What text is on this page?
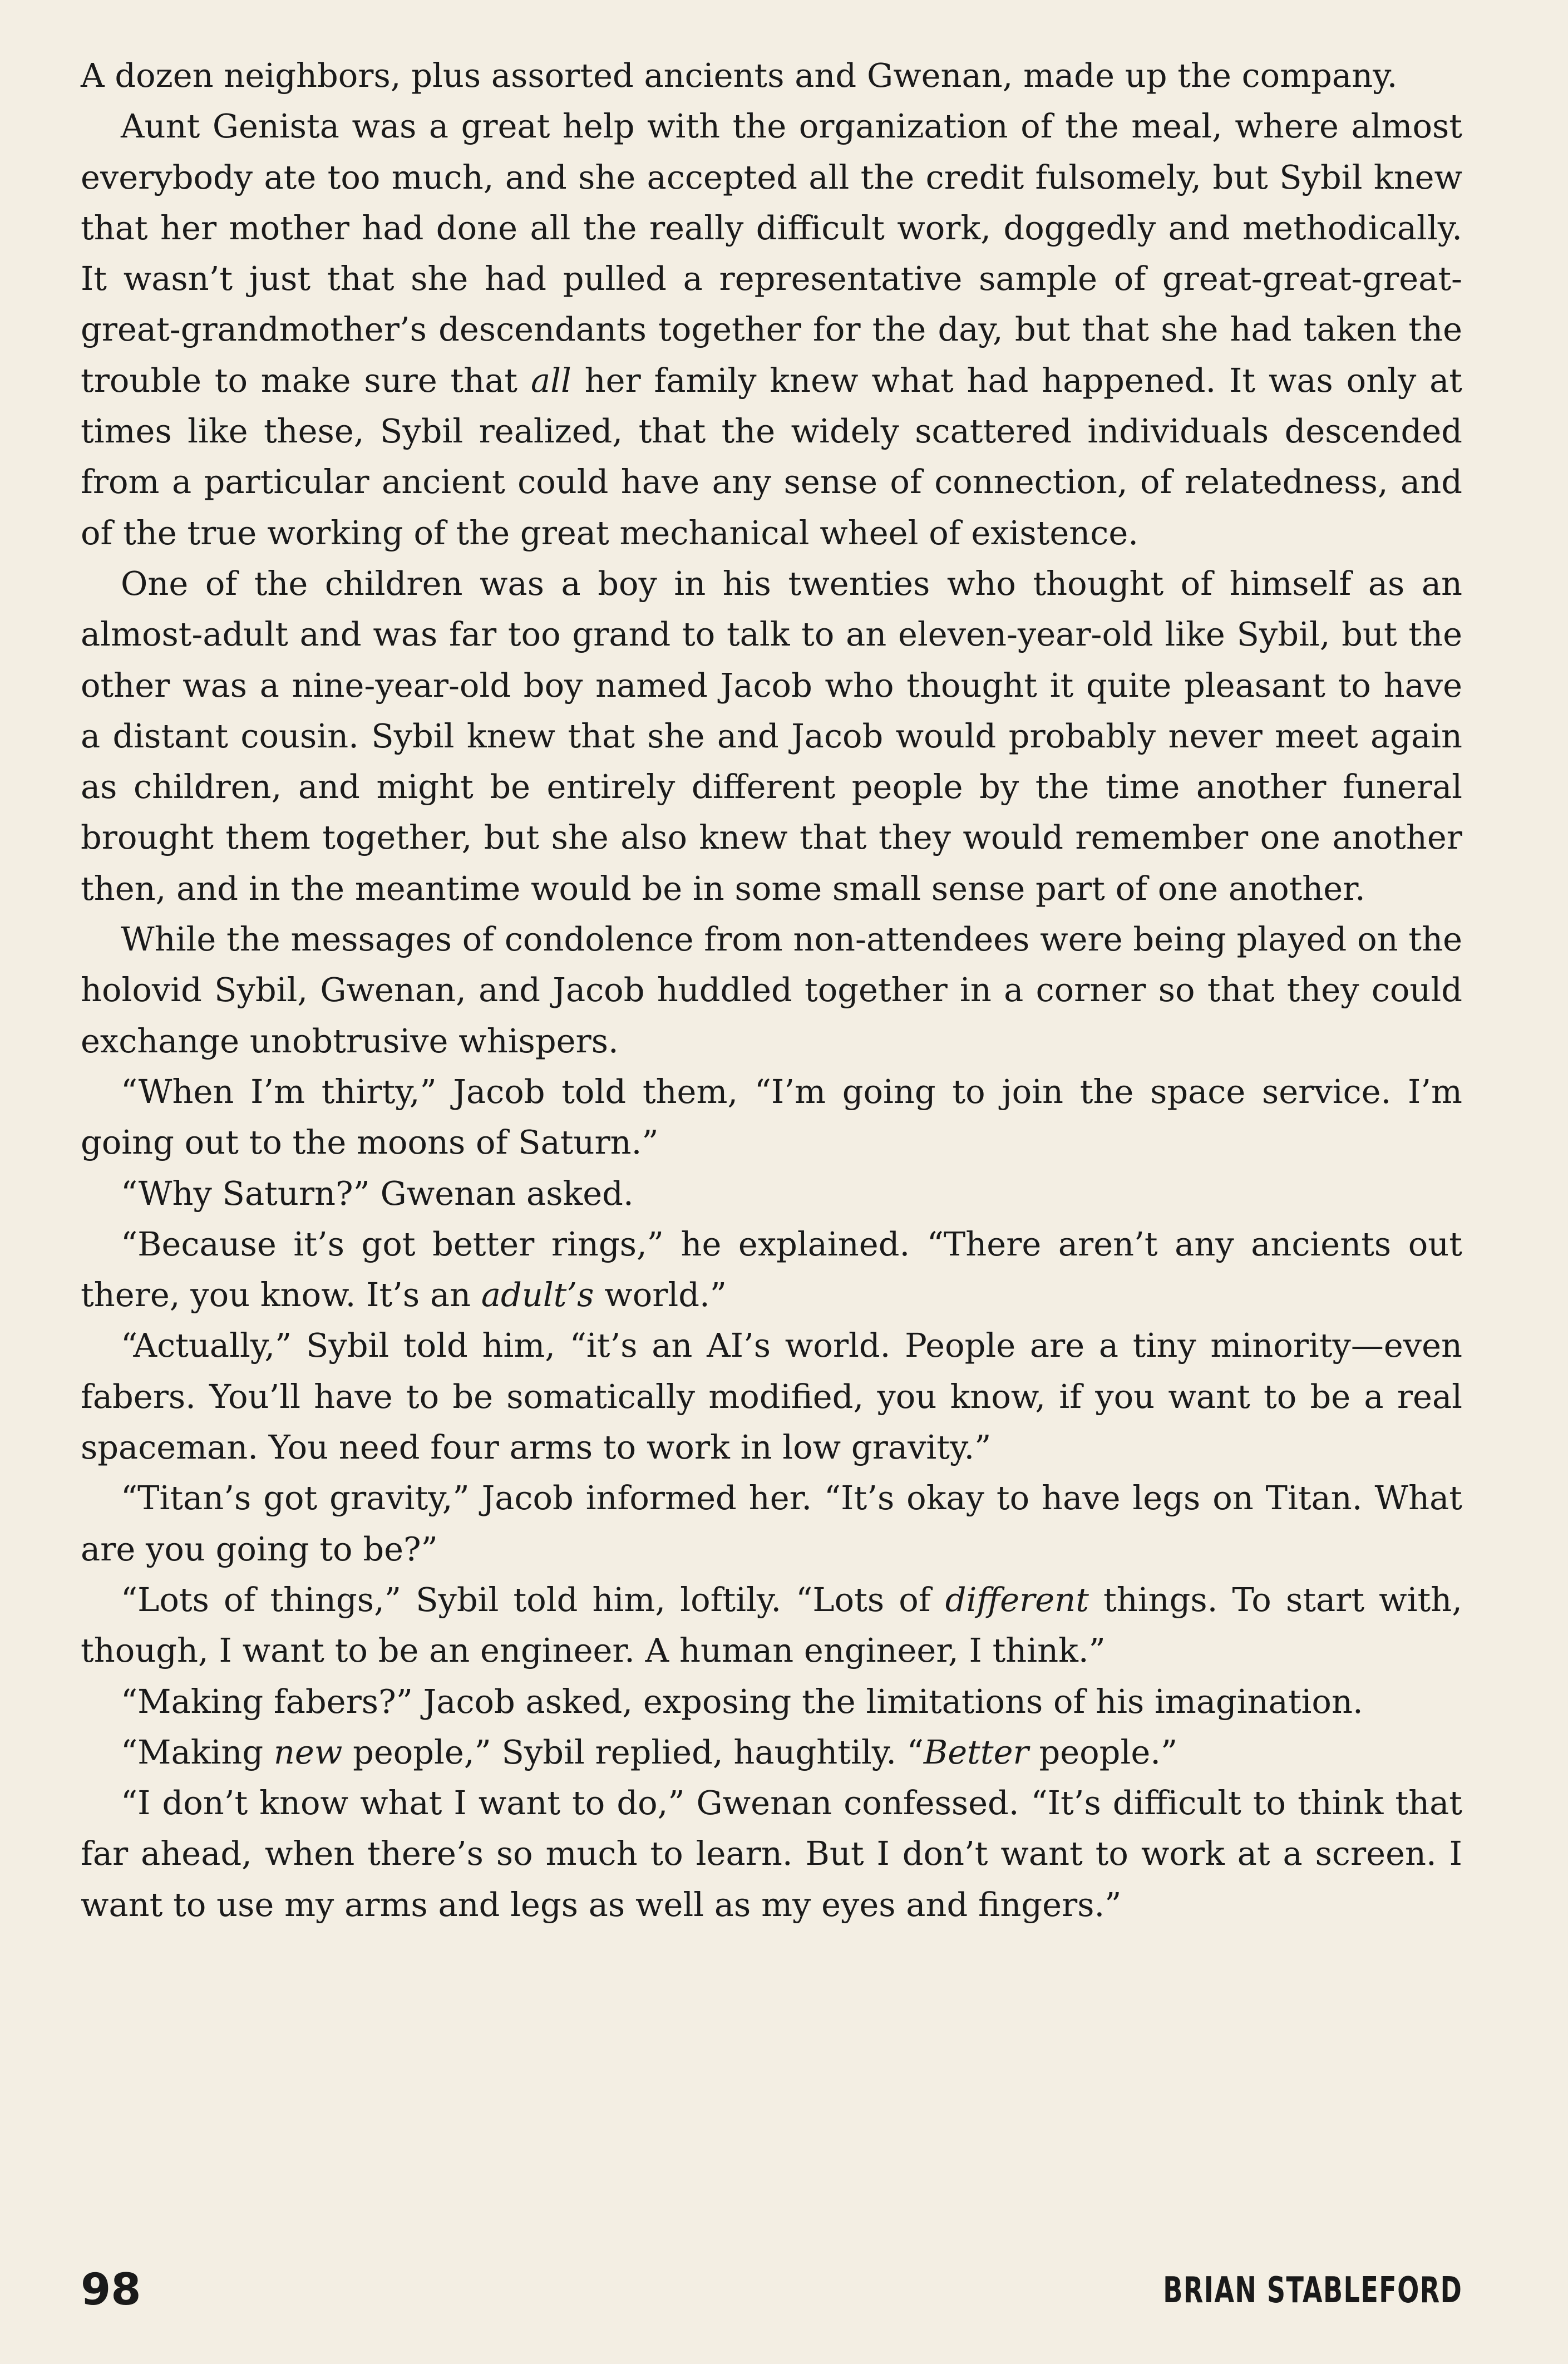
A dozen neighbors, plus assorted ancients and Gwenan, made up the company.

Aunt Genista was a great help with the organization of the meal, where almost everybody ate too much, and she accepted all the credit fulsomely, but Sybil knew that her mother had done all the really difficult work, doggedly and methodically. It wasn’t just that she had pulled a representative sample of great-great-great-great-grandmother’s descendants together for the day, but that she had taken the trouble to make sure that all her family knew what had happened. It was only at times like these, Sybil realized, that the widely scattered individuals descended from a particular ancient could have any sense of connection, of relatedness, and of the true working of the great mechanical wheel of existence.

One of the children was a boy in his twenties who thought of himself as an almost-adult and was far too grand to talk to an eleven-year-old like Sybil, but the other was a nine-year-old boy named Jacob who thought it quite pleasant to have a distant cousin. Sybil knew that she and Jacob would probably never meet again as children, and might be entirely different people by the time another funeral brought them together, but she also knew that they would remember one another then, and in the meantime would be in some small sense part of one another.

While the messages of condolence from non-attendees were being played on the holovid Sybil, Gwenan, and Jacob huddled together in a corner so that they could exchange unobtrusive whispers.

“When I’m thirty,” Jacob told them, “I’m going to join the space service. I’m going out to the moons of Saturn.”

“Why Saturn?” Gwenan asked.

“Because it’s got better rings,” he explained. “There aren’t any ancients out there, you know. It’s an adult’s world.”

“Actually,” Sybil told him, “it’s an AI’s world. People are a tiny minority—even fabers. You’ll have to be somatically modified, you know, if you want to be a real spaceman. You need four arms to work in low gravity.”

“Titan’s got gravity,” Jacob informed her. “It’s okay to have legs on Titan. What are you going to be?”

“Lots of things,” Sybil told him, loftily. “Lots of different things. To start with, though, I want to be an engineer. A human engineer, I think.”

“Making fabers?” Jacob asked, exposing the limitations of his imagination.

“Making new people,” Sybil replied, haughtily. “Better people.”

“I don’t know what I want to do,” Gwenan confessed. “It’s difficult to think that far ahead, when there’s so much to learn. But I don’t want to work at a screen. I want to use my arms and legs as well as my eyes and fingers.”

98	BRIAN STABLEFORD
